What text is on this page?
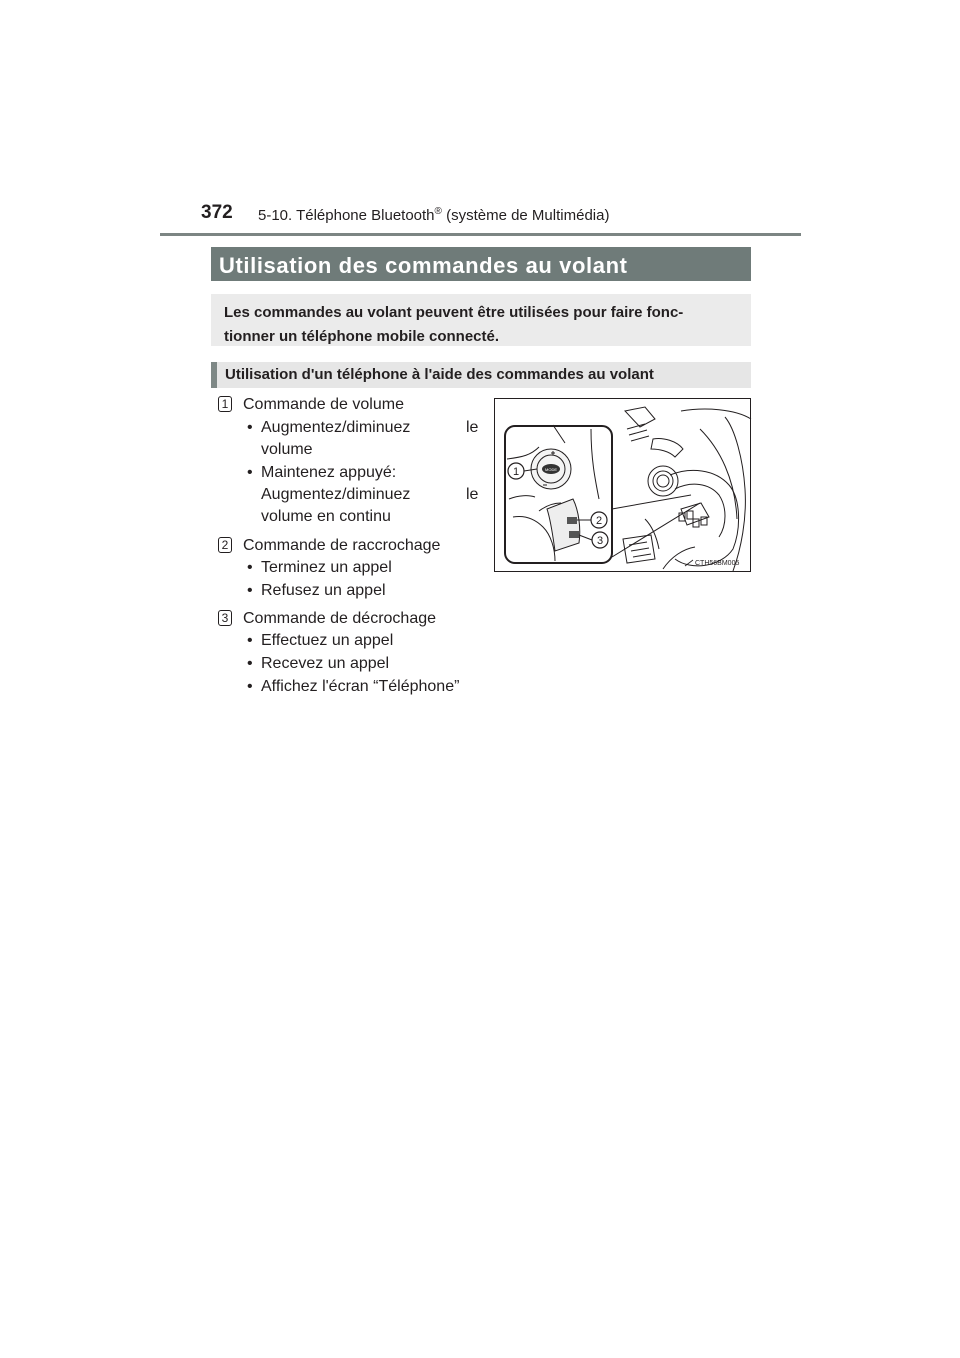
372 5-10. Téléphone Bluetooth® (système de Multimédia)
Utilisation des commandes au volant
Les commandes au volant peuvent être utilisées pour faire fonc-
tionner un téléphone mobile connecté.
Utilisation d'un téléphone à l'aide des commandes au volant
1 Commande de volume
• Augmentez/diminuez	le
volume
• Maintenez appuyé:
Augmentez/diminuez	le
volume en continu
2 Commande de raccrochage
• Terminez un appel
• Refusez un appel
3 Commande de décrochage
• Effectuez un appel
• Recevez un appel
• Affichez l'écran “Téléphone”
MODE
1
2
3
CTH56BM005
